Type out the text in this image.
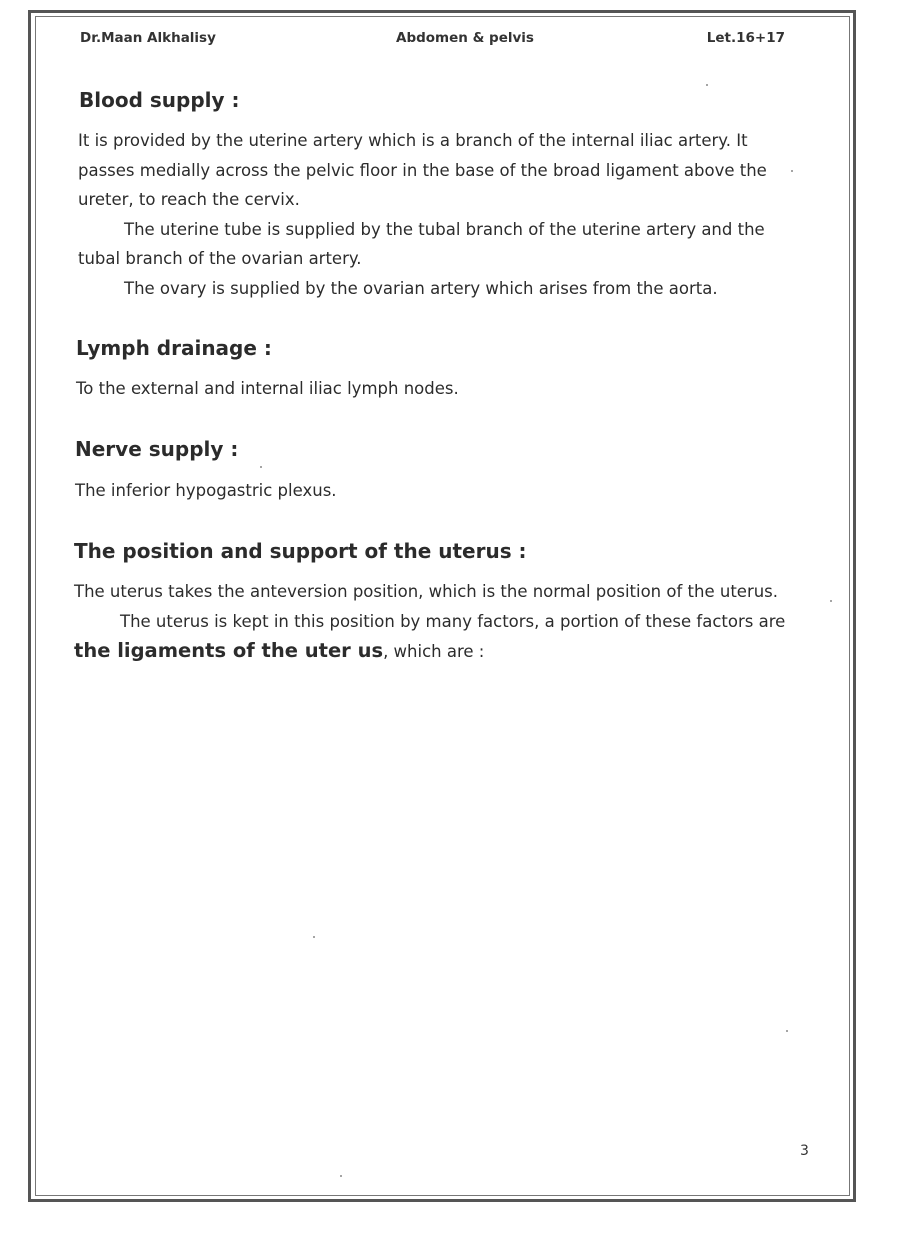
Dr.Maan Alkhalisy	Abdomen & pelvis	Let.16+17
Blood supply :

It is provided by the uterine artery which is a branch of the internal iliac artery. It

passes medially across the pelvic floor in the base of the broad ligament above the

ureter, to reach the cervix.

The uterine tube is supplied by the tubal branch of the uterine artery and the

tubal branch of the ovarian artery.

The ovary is supplied by the ovarian artery which arises from the aorta.

Lymph drainage :

To the external and internal iliac lymph nodes.

Nerve supply :

The inferior hypogastric plexus.

The position and support of the uterus :

The uterus takes the anteversion position, which is the normal position of the uterus.

The uterus is kept in this position by many factors, a portion of these factors are

the ligaments of the uter us, which are :

3
